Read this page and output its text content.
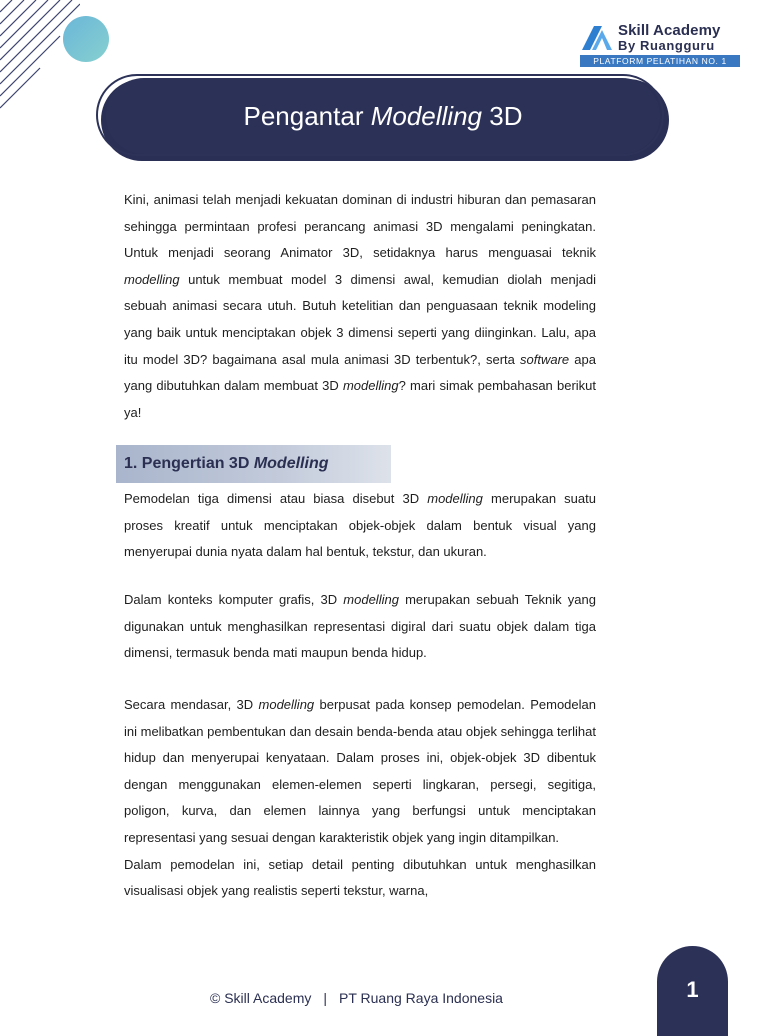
Skill Academy
By Ruangguru
PLATFORM PELATIHAN NO. 1
Pengantar Modelling 3D

Kini, animasi telah menjadi kekuatan dominan di industri hiburan dan pemasaran sehingga permintaan profesi perancang animasi 3D mengalami peningkatan. Untuk menjadi seorang Animator 3D, setidaknya harus menguasai teknik modelling untuk membuat model 3 dimensi awal, kemudian diolah menjadi sebuah animasi secara utuh. Butuh ketelitian dan penguasaan teknik modeling yang baik untuk menciptakan objek 3 dimensi seperti yang diinginkan. Lalu, apa itu model 3D? bagaimana asal mula animasi 3D terbentuk?, serta software apa yang dibutuhkan dalam membuat 3D modelling? mari simak pembahasan berikut ya!

1. Pengertian 3D Modelling

Pemodelan tiga dimensi atau biasa disebut 3D modelling merupakan suatu proses kreatif untuk menciptakan objek-objek dalam bentuk visual yang menyerupai dunia nyata dalam hal bentuk, tekstur, dan ukuran.

Dalam konteks komputer grafis, 3D modelling merupakan sebuah Teknik yang digunakan untuk menghasilkan representasi digiral dari suatu objek dalam tiga dimensi, termasuk benda mati maupun benda hidup.

Secara mendasar, 3D modelling berpusat pada konsep pemodelan. Pemodelan ini melibatkan pembentukan dan desain benda-benda atau objek sehingga terlihat hidup dan menyerupai kenyataan. Dalam proses ini, objek-objek 3D dibentuk dengan menggunakan elemen-elemen seperti lingkaran, persegi, segitiga, poligon, kurva, dan elemen lainnya yang berfungsi untuk menciptakan representasi yang sesuai dengan karakteristik objek yang ingin ditampilkan.

Dalam pemodelan ini, setiap detail penting dibutuhkan untuk menghasilkan visualisasi objek yang realistis seperti tekstur, warna,

1
© Skill Academy | PT Ruang Raya Indonesia
